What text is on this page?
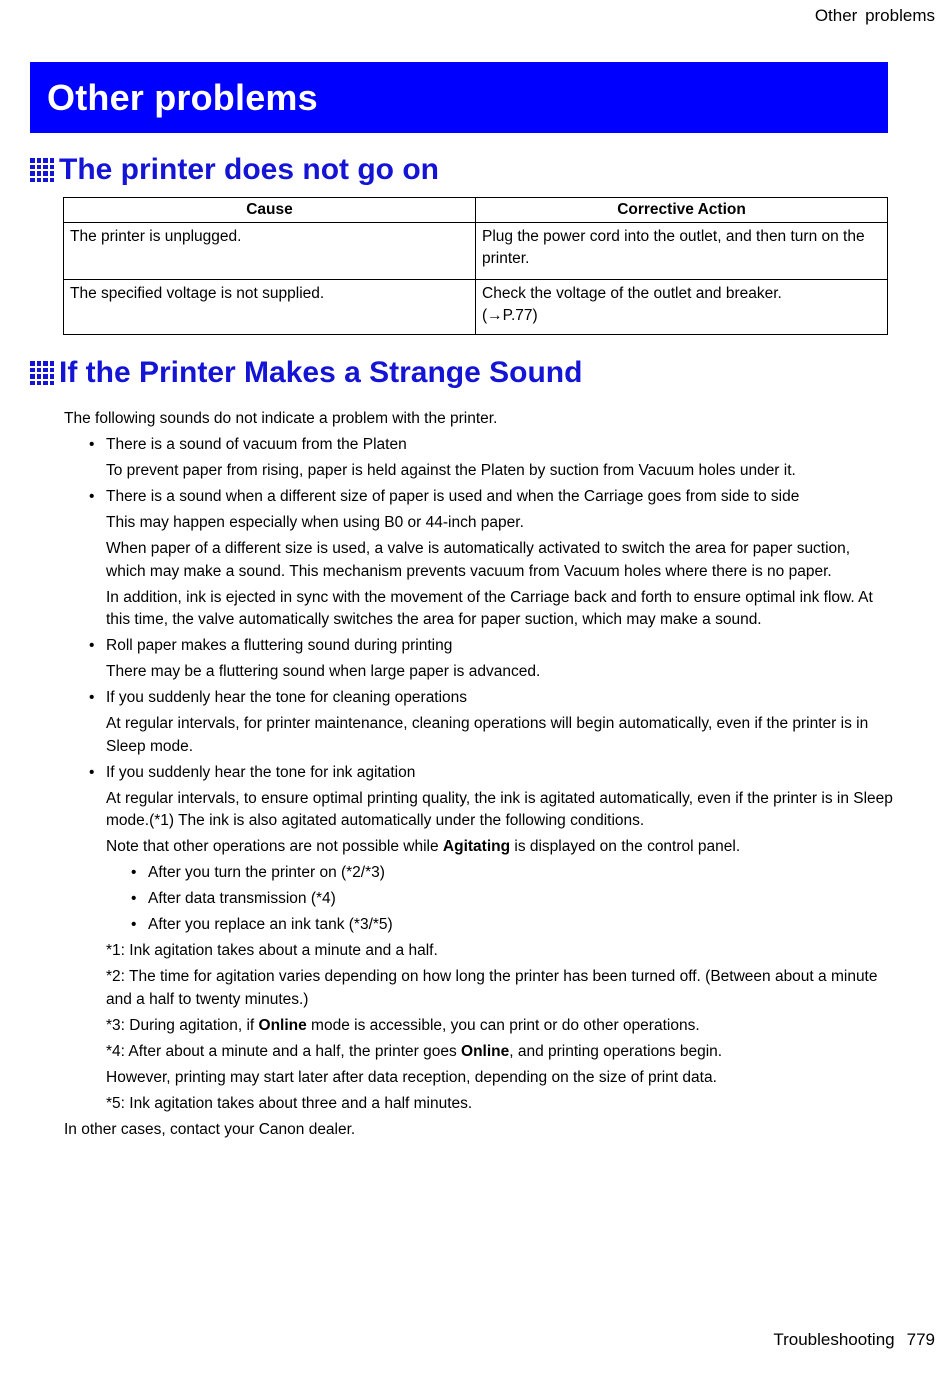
Other problems
Other problems
The printer does not go on
Cause	Corrective Action
The printer is unplugged.	Plug the power cord into the outlet, and then turn on the printer.
The specified voltage is not supplied.	Check the voltage of the outlet and breaker.
(→P.77)
If the Printer Makes a Strange Sound

The following sounds do not indicate a problem with the printer.

• There is a sound of vacuum from the Platen

To prevent paper from rising, paper is held against the Platen by suction from Vacuum holes under it.

• There is a sound when a different size of paper is used and when the Carriage goes from side to side

This may happen especially when using B0 or 44-inch paper.

When paper of a different size is used, a valve is automatically activated to switch the area for paper suction, which may make a sound. This mechanism prevents vacuum from Vacuum holes where there is no paper.

In addition, ink is ejected in sync with the movement of the Carriage back and forth to ensure optimal ink flow. At this time, the valve automatically switches the area for paper suction, which may make a sound.

• Roll paper makes a fluttering sound during printing

There may be a fluttering sound when large paper is advanced.

• If you suddenly hear the tone for cleaning operations

At regular intervals, for printer maintenance, cleaning operations will begin automatically, even if the printer is in Sleep mode.

• If you suddenly hear the tone for ink agitation

At regular intervals, to ensure optimal printing quality, the ink is agitated automatically, even if the printer is in Sleep mode.(*1) The ink is also agitated automatically under the following conditions.

Note that other operations are not possible while Agitating is displayed on the control panel.

• After you turn the printer on (*2/*3)

• After data transmission (*4)

• After you replace an ink tank (*3/*5)

*1: Ink agitation takes about a minute and a half.

*2: The time for agitation varies depending on how long the printer has been turned off. (Between about a minute and a half to twenty minutes.)

*3: During agitation, if Online mode is accessible, you can print or do other operations.

*4: After about a minute and a half, the printer goes Online, and printing operations begin.

However, printing may start later after data reception, depending on the size of print data.

*5: Ink agitation takes about three and a half minutes.

In other cases, contact your Canon dealer.

Troubleshooting 779
